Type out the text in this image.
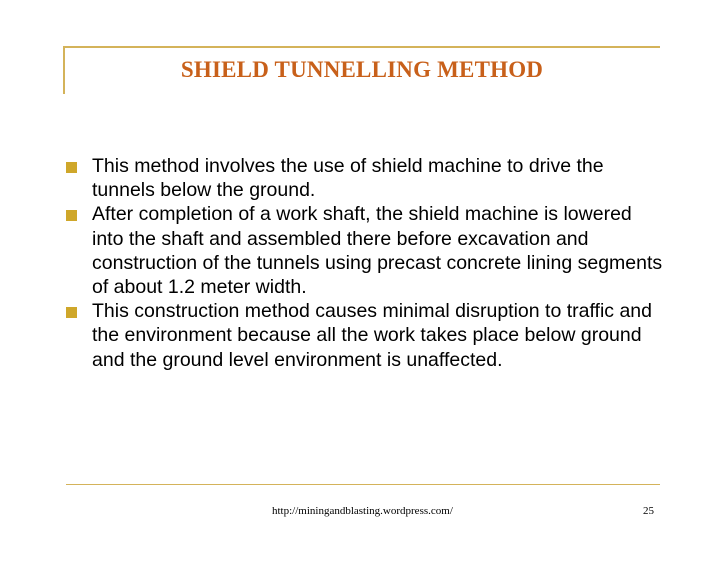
SHIELD TUNNELLING METHOD
This method involves the use of shield machine to drive the tunnels below the ground.
After completion of a work shaft, the shield machine is lowered into the shaft and assembled there before excavation and construction of the tunnels using precast concrete lining segments of about 1.2 meter width.
This construction method causes minimal disruption to traffic and the environment because all the work takes place below ground and the ground level environment is unaffected.
http://miningandblasting.wordpress.com/	25
